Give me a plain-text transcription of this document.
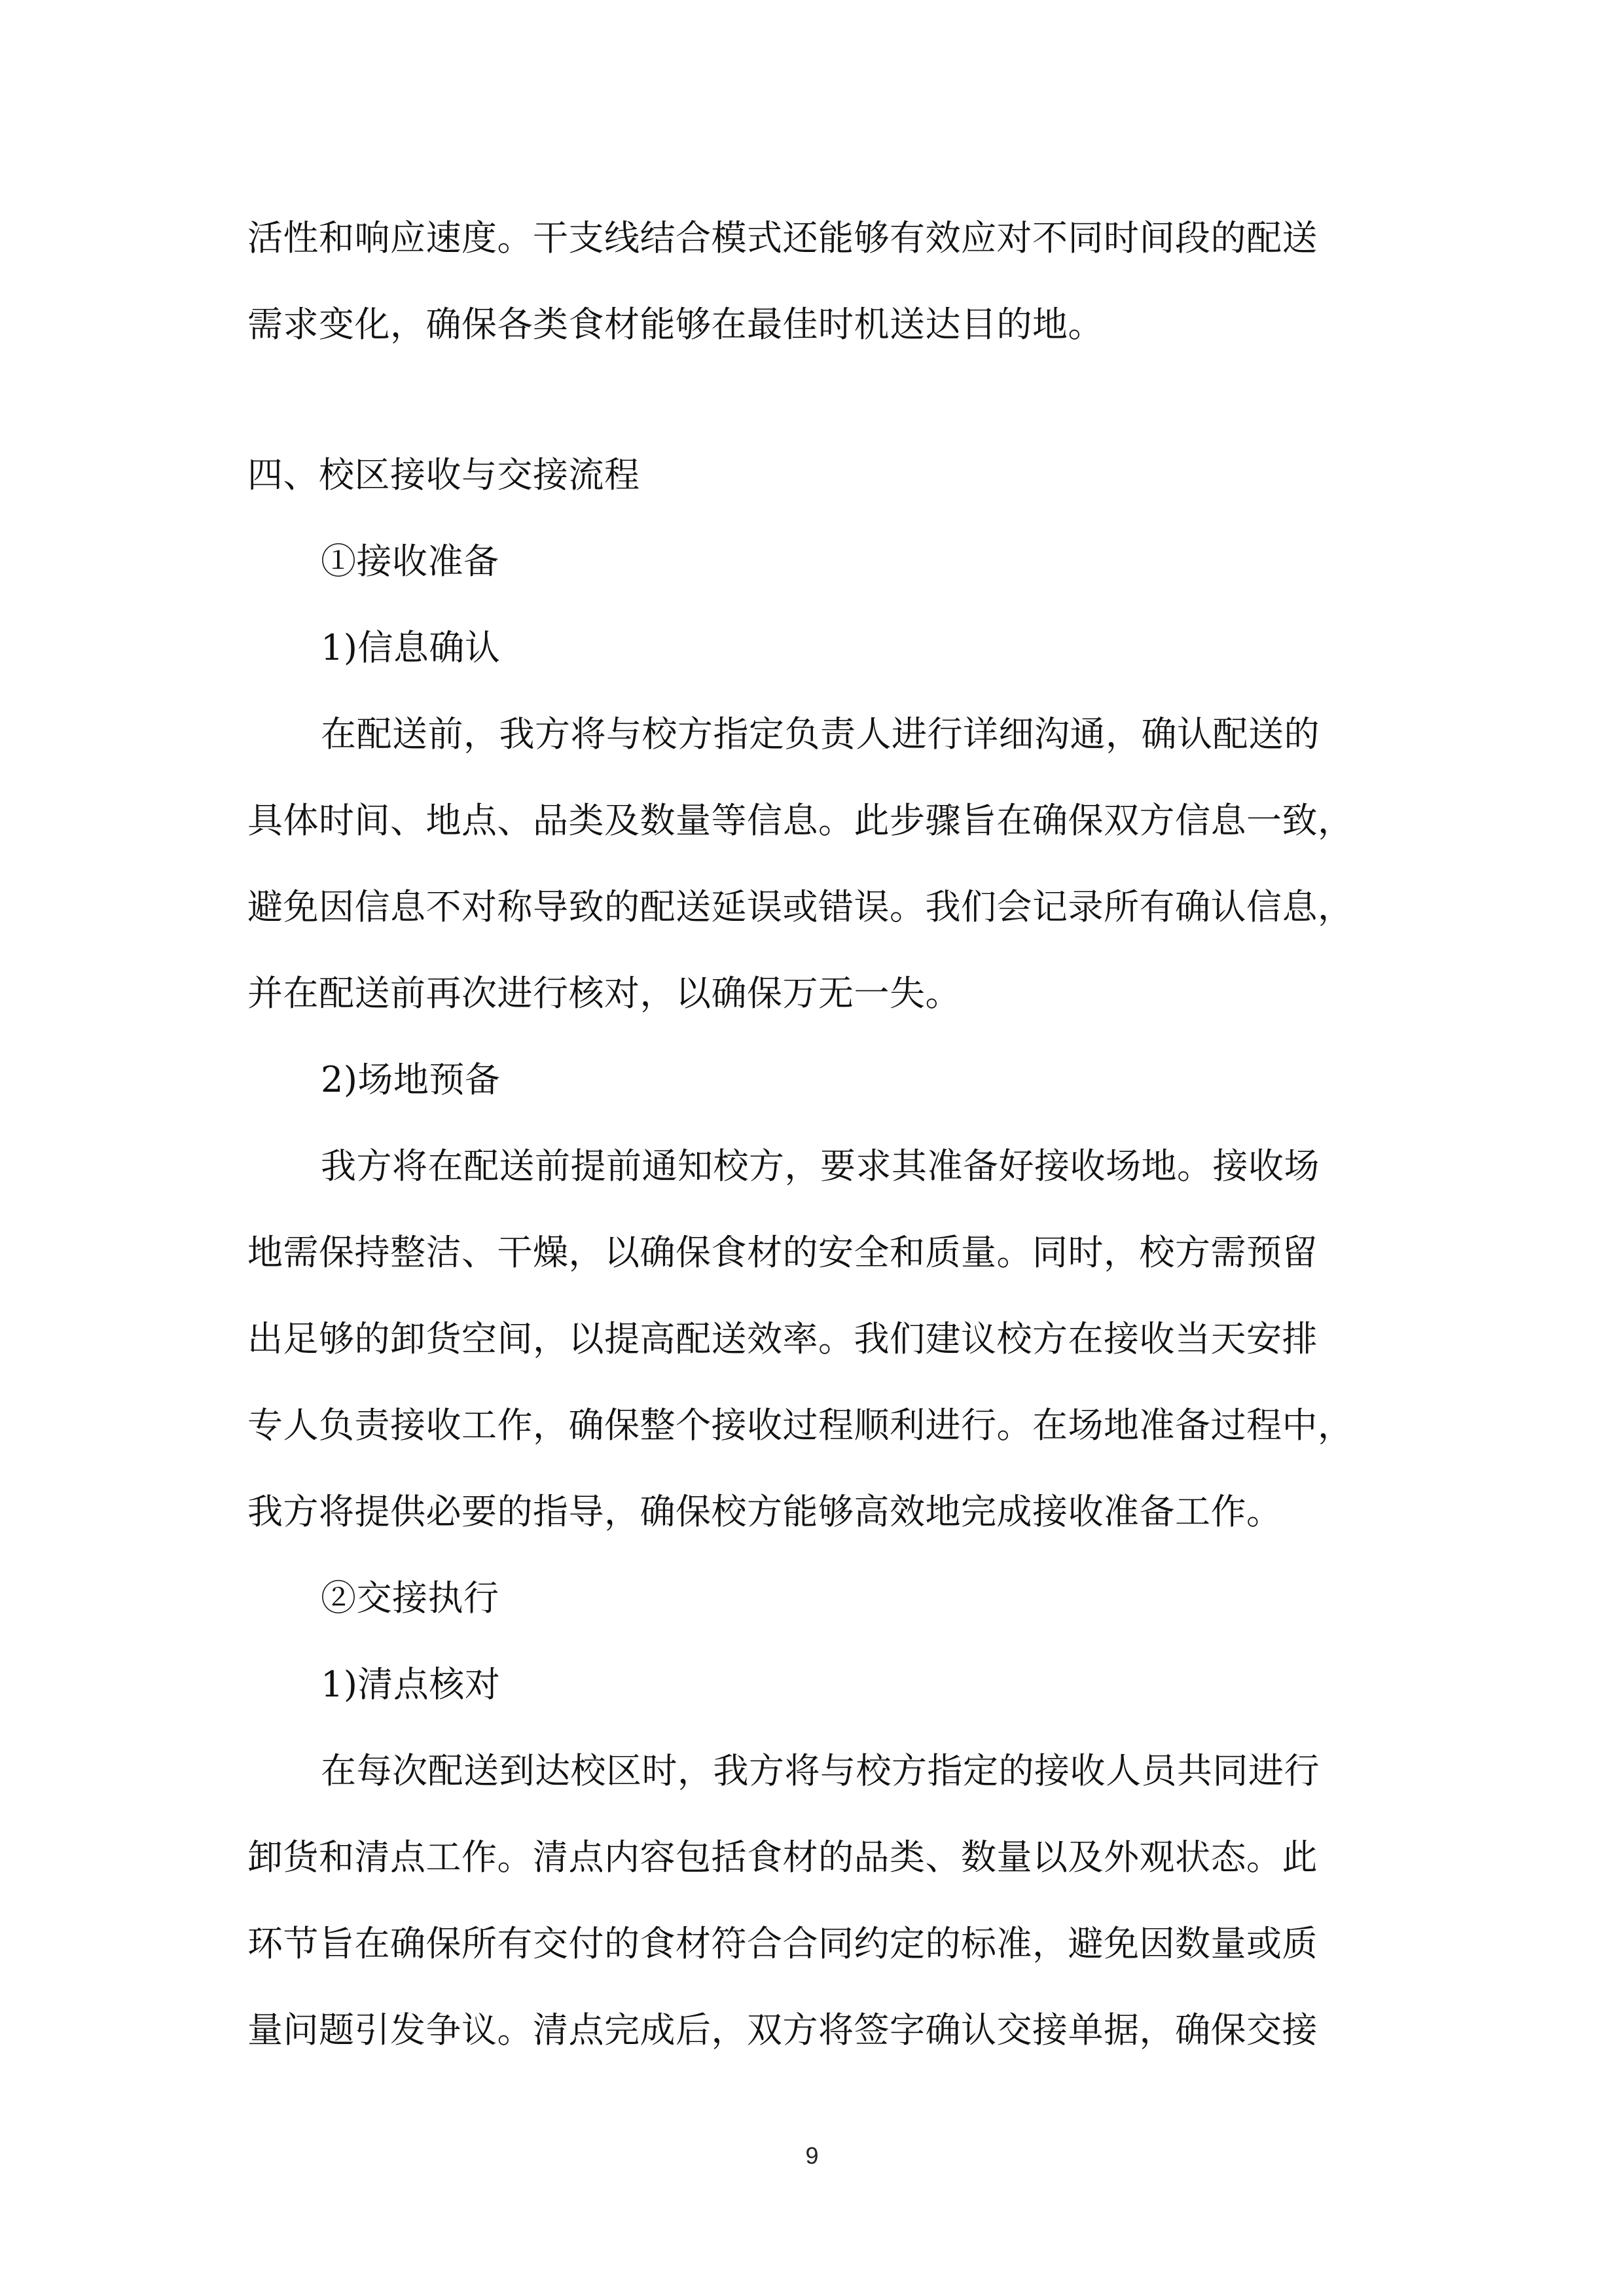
活性和响应速度。干支线结合模式还能够有效应对不同时间段的配送
需求变化，确保各类食材能够在最佳时机送达目的地。
四、校区接收与交接流程
①接收准备
1)信息确认
在配送前，我方将与校方指定负责人进行详细沟通，确认配送的
具体时间、地点、品类及数量等信息。此步骤旨在确保双方信息一致，
避免因信息不对称导致的配送延误或错误。我们会记录所有确认信息，
并在配送前再次进行核对，以确保万无一失。
2)场地预备
我方将在配送前提前通知校方，要求其准备好接收场地。接收场
地需保持整洁、干燥，以确保食材的安全和质量。同时，校方需预留
出足够的卸货空间，以提高配送效率。我们建议校方在接收当天安排
专人负责接收工作，确保整个接收过程顺利进行。在场地准备过程中，
我方将提供必要的指导，确保校方能够高效地完成接收准备工作。
②交接执行
1)清点核对
在每次配送到达校区时，我方将与校方指定的接收人员共同进行
卸货和清点工作。清点内容包括食材的品类、数量以及外观状态。此
环节旨在确保所有交付的食材符合合同约定的标准，避免因数量或质
量问题引发争议。清点完成后，双方将签字确认交接单据，确保交接
9
